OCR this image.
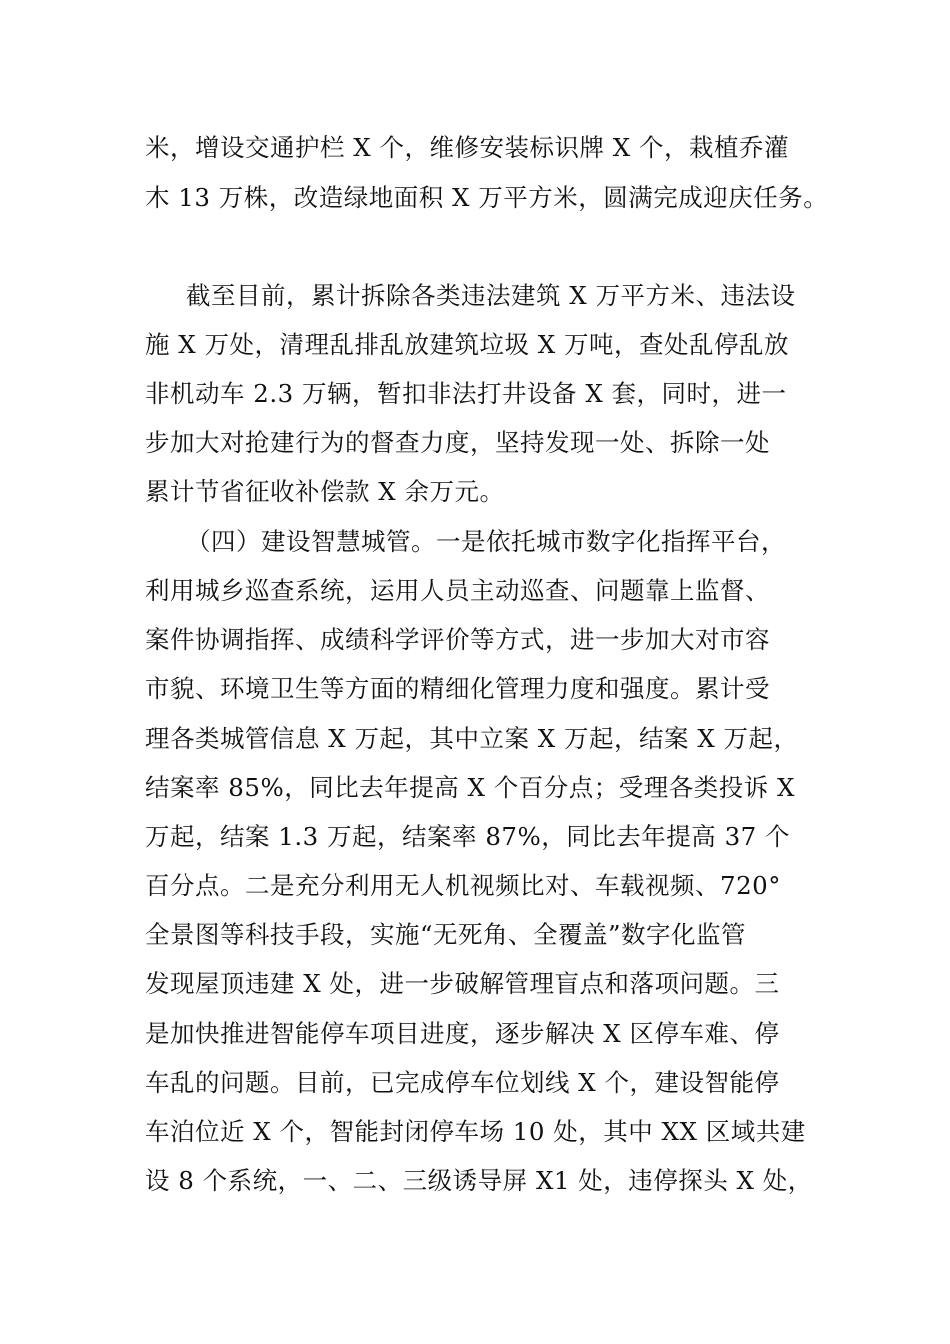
米，增设交通护栏 X 个，维修安装标识牌 X 个，栽植乔灌
木 13 万株，改造绿地面积 X 万平方米，圆满完成迎庆任务。
截至目前，累计拆除各类违法建筑 X 万平方米、违法设
施 X 万处，清理乱排乱放建筑垃圾 X 万吨，查处乱停乱放
非机动车 2.3 万辆，暂扣非法打井设备 X 套，同时，进一
步加大对抢建行为的督查力度，坚持发现一处、拆除一处
累计节省征收补偿款 X 余万元。
（四）建设智慧城管。一是依托城市数字化指挥平台，
利用城乡巡查系统，运用人员主动巡查、问题靠上监督、
案件协调指挥、成绩科学评价等方式，进一步加大对市容
市貌、环境卫生等方面的精细化管理力度和强度。累计受
理各类城管信息 X 万起，其中立案 X 万起，结案 X 万起，
结案率 85%，同比去年提高 X 个百分点；受理各类投诉 X
万起，结案 1.3 万起，结案率 87%，同比去年提高 37 个
百分点。二是充分利用无人机视频比对、车载视频、720°
全景图等科技手段，实施“无死角、全覆盖”数字化监管
发现屋顶违建 X 处，进一步破解管理盲点和落项问题。三
是加快推进智能停车项目进度，逐步解决 X 区停车难、停
车乱的问题。目前，已完成停车位划线 X 个，建设智能停
车泊位近 X 个，智能封闭停车场 10 处，其中 XX 区域共建
设 8 个系统，一、二、三级诱导屏 X1 处，违停探头 X 处，
